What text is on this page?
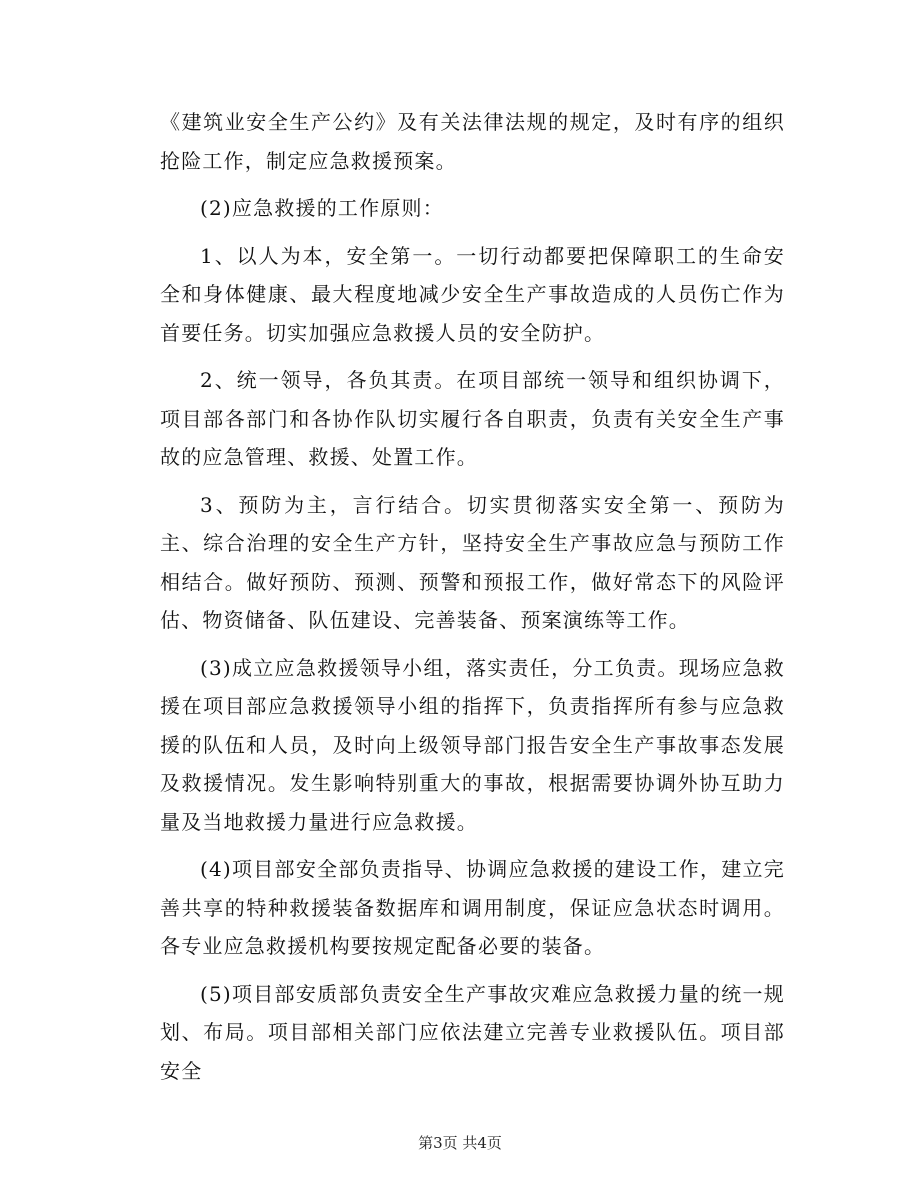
《建筑业安全生产公约》及有关法律法规的规定，及时有序的组织抢险工作，制定应急救援预案。

(2)应急救援的工作原则：

1、以人为本，安全第一。一切行动都要把保障职工的生命安全和身体健康、最大程度地减少安全生产事故造成的人员伤亡作为首要任务。切实加强应急救援人员的安全防护。

2、统一领导，各负其责。在项目部统一领导和组织协调下，项目部各部门和各协作队切实履行各自职责，负责有关安全生产事故的应急管理、救援、处置工作。

3、预防为主，言行结合。切实贯彻落实安全第一、预防为主、综合治理的安全生产方针，坚持安全生产事故应急与预防工作相结合。做好预防、预测、预警和预报工作，做好常态下的风险评估、物资储备、队伍建设、完善装备、预案演练等工作。

(3)成立应急救援领导小组，落实责任，分工负责。现场应急救援在项目部应急救援领导小组的指挥下，负责指挥所有参与应急救援的队伍和人员，及时向上级领导部门报告安全生产事故事态发展及救援情况。发生影响特别重大的事故，根据需要协调外协互助力量及当地救援力量进行应急救援。

(4)项目部安全部负责指导、协调应急救援的建设工作，建立完善共享的特种救援装备数据库和调用制度，保证应急状态时调用。各专业应急救援机构要按规定配备必要的装备。

(5)项目部安质部负责安全生产事故灾难应急救援力量的统一规划、布局。项目部相关部门应依法建立完善专业救援队伍。项目部安全

第3页 共4页
